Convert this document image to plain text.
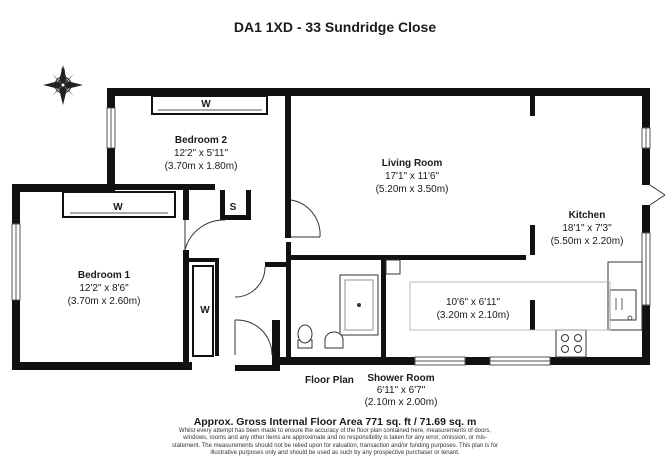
DA1 1XD - 33 Sundridge Close
N
W
W	S
W
Bedroom 2
12'2" x 5'11"
(3.70m x 1.80m)	Living Room
17'1" x 11'6"
(5.20m x 3.50m)
Kitchen
18'1" x 7'3"
(5.50m x 2.20m)
Bedroom 1
12'2" x 8'6"
(3.70m x 2.60m)	10'6" x 6'11"
(3.20m x 2.10m)
Shower Room
6'11" x 6'7"
(2.10m x 2.00m)
Floor Plan
Approx. Gross Internal Floor Area 771 sq. ft / 71.69 sq. m
Whilst every attempt has been made to ensure the accuracy of the floor plan contained here, measurements of doors, windows, rooms and any other items are approximate and no responsibility is taken for any error, omission, or mis-statement. The measurements should not be relied upon for valuation, transaction and/or funding purposes. This plan is for illustrative purposes only and should be used as such by any prospective purchaser or tenant.
